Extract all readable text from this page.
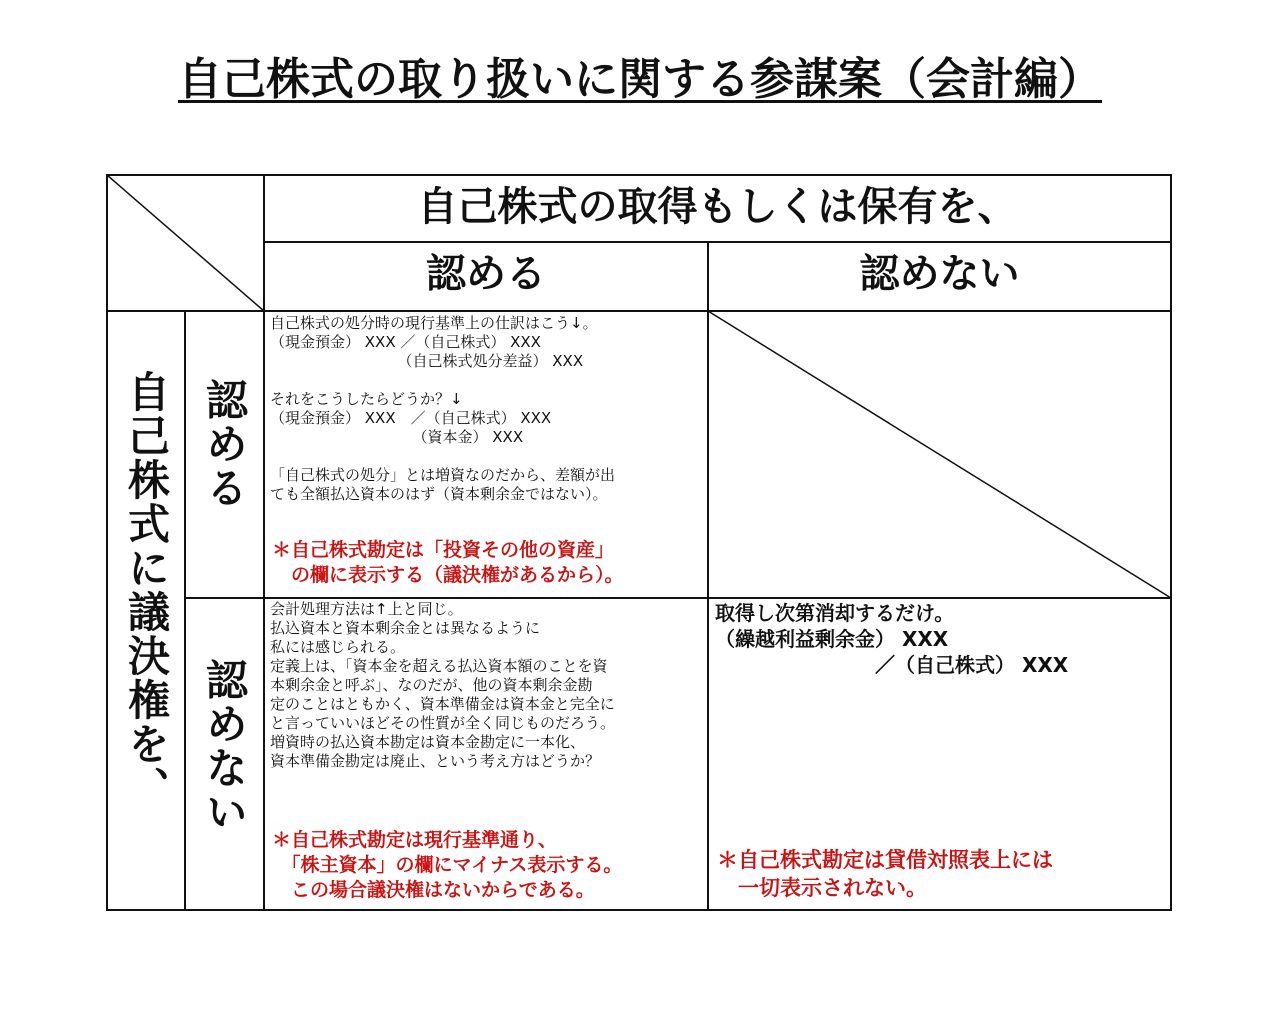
自己株式の取り扱いに関する参謀案（会計編）
自己株式の取得もしくは保有を、
認める	認めない
自己株式に議決権を、 認める
認めない

自己株式の処分時の現行基準上の仕訳はこう↓。

（現金預金） XXX ／（自己株式） XXX

　　　　　　　　　（自己株式処分差益） XXX

それをこうしたらどうか？↓

（現金預金） XXX　／（自己株式） XXX

　　　　　　　　　　（資本金） XXX

「自己株式の処分」とは増資なのだから、差額が出

ても全額払込資本のはず（資本剰余金ではない）。

＊自己株式勘定は「投資その他の資産」

　の欄に表示する（議決権があるから）。

会計処理方法は↑上と同じ。

払込資本と資本剰余金とは異なるように

私には感じられる。

定義上は、「資本金を超える払込資本額のことを資

本剰余金と呼ぶ」、なのだが、他の資本剰余金勘

定のことはともかく、資本準備金は資本金と完全に

と言っていいほどその性質が全く同じものだろう。

増資時の払込資本勘定は資本金勘定に一本化、

資本準備金勘定は廃止、という考え方はどうか？

＊自己株式勘定は現行基準通り、

　「株主資本」の欄にマイナス表示する。

　この場合議決権はないからである。

取得し次第消却するだけ。

（繰越利益剰余金） XXX

　　　　　　　　／（自己株式） XXX

＊自己株式勘定は貸借対照表上には

　一切表示されない。
